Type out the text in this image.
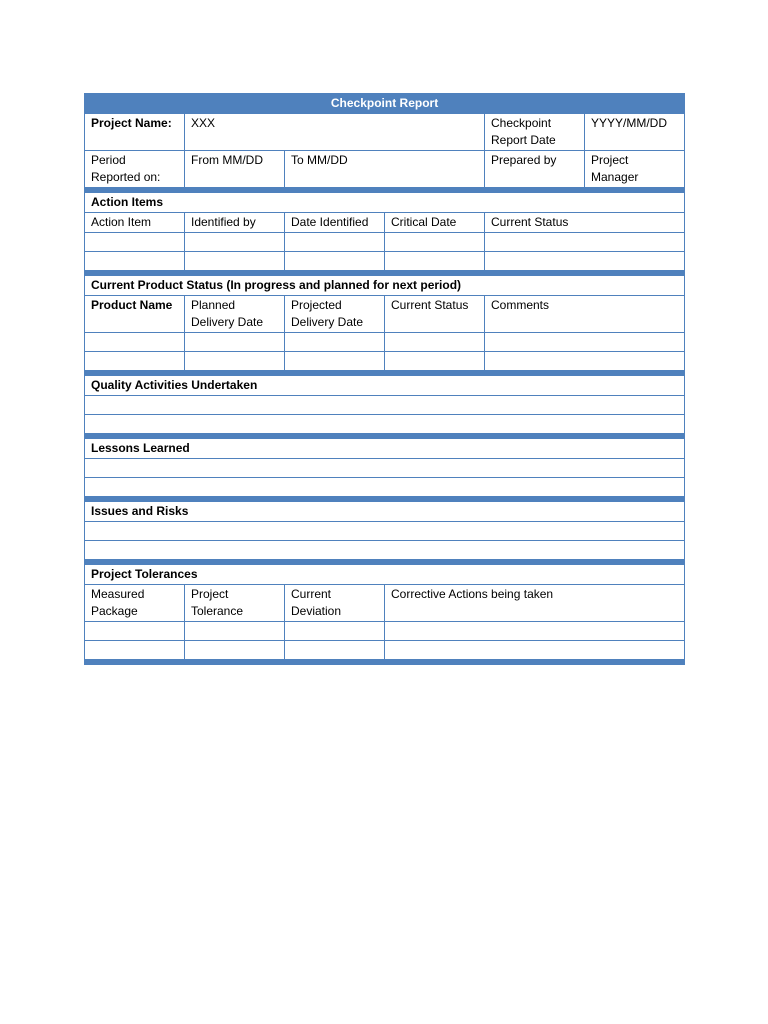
Checkpoint Report					
Project Name:	XXX			Checkpoint Report Date	YYYY/MM/DD
Period Reported on:	From MM/DD	To MM/DD		Prepared by	Project Manager

Action Items					
Action Item	Identified by	Date Identified	Critical Date	Current Status	

Current Product Status (In progress and planned for next period)					
Product Name	Planned Delivery Date	Projected Delivery Date	Current Status	Comments	

Quality Activities Undertaken					

Lessons Learned					

Issues and Risks					

Project Tolerances					
Measured Package	Project Tolerance	Current Deviation	Corrective Actions being taken		
